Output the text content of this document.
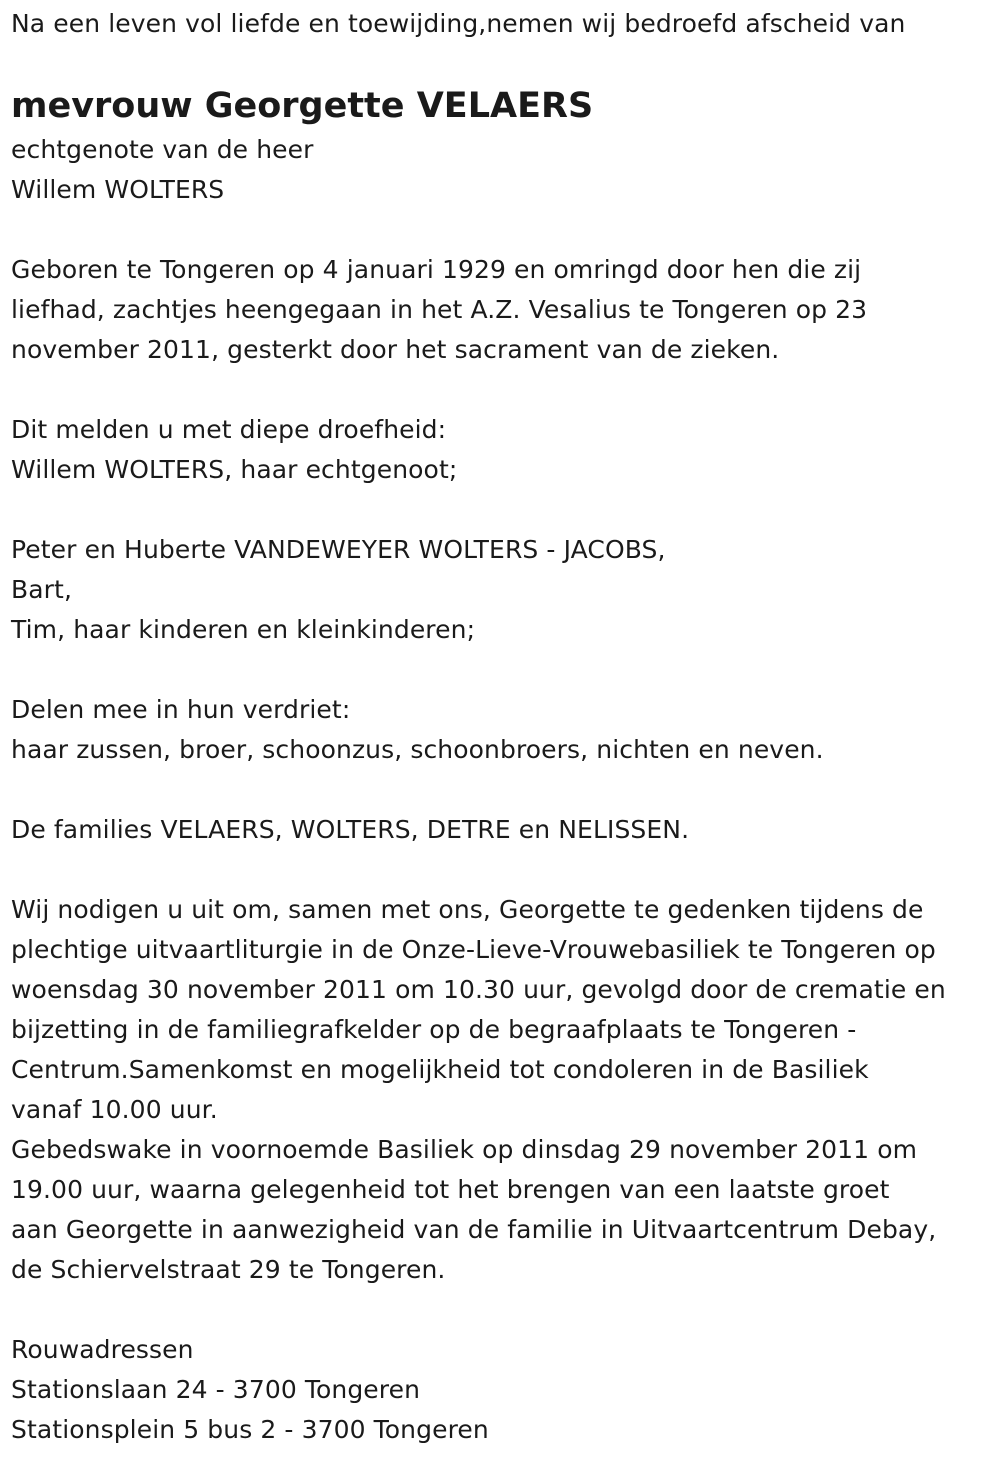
Na een leven vol liefde en toewijding,nemen wij bedroefd afscheid van
mevrouw Georgette VELAERS
echtgenote van de heer
Willem WOLTERS
Geboren te Tongeren op 4 januari 1929 en omringd door hen die zij
liefhad, zachtjes heengegaan in het A.Z. Vesalius te Tongeren op 23
november 2011, gesterkt door het sacrament van de zieken.
Dit melden u met diepe droefheid:
Willem WOLTERS, haar echtgenoot;
Peter en Huberte VANDEWEYER WOLTERS - JACOBS,
Bart,
Tim, haar kinderen en kleinkinderen;
Delen mee in hun verdriet:
haar zussen, broer, schoonzus, schoonbroers, nichten en neven.
De families VELAERS, WOLTERS, DETRE en NELISSEN.
Wij nodigen u uit om, samen met ons, Georgette te gedenken tijdens de
plechtige uitvaartliturgie in de Onze-Lieve-Vrouwebasiliek te Tongeren op
woensdag 30 november 2011 om 10.30 uur, gevolgd door de crematie en
bijzetting in de familiegrafkelder op de begraafplaats te Tongeren -
Centrum.Samenkomst en mogelijkheid tot condoleren in de Basiliek
vanaf 10.00 uur.
Gebedswake in voornoemde Basiliek op dinsdag 29 november 2011 om
19.00 uur, waarna gelegenheid tot het brengen van een laatste groet
aan Georgette in aanwezigheid van de familie in Uitvaartcentrum Debay,
de Schiervelstraat 29 te Tongeren.
Rouwadressen
Stationslaan 24 - 3700 Tongeren
Stationsplein 5 bus 2 - 3700 Tongeren
